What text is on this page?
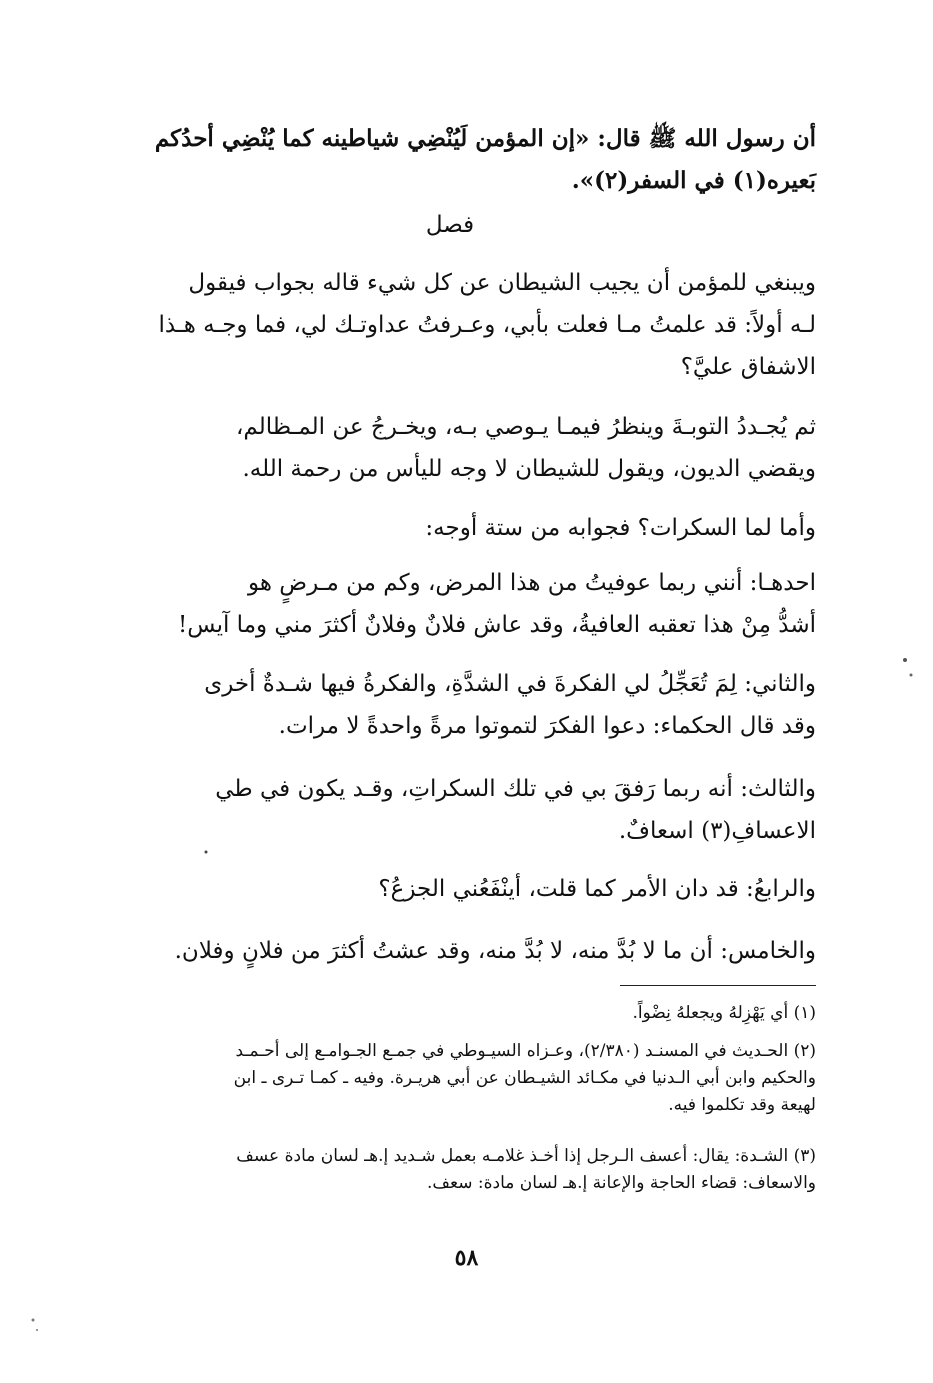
أن رسول الله ﷺ قال: «إن المؤمن لَيُنْضِي شياطينه كما يُنْضِي أحدُكم
بَعيره(١) في السفر(٢)».
فصل
ويبنغي للمؤمن أن يجيب الشيطان عن كل شيء قاله بجواب فيقول
لـه أولاً: قد علمتُ مـا فعلت بأبي، وعـرفتُ عداوتـك لي، فما وجـه هـذا
الاشفاق عليَّ؟
ثم يُجـددُ التوبـةَ وينظرُ فيمـا يـوصي بـه، ويخـرجُ عن المـظالم،
ويقضي الديون، ويقول للشيطان لا وجه لليأس من رحمة الله.
وأما لما السكرات؟ فجوابه من ستة أوجه:
احدهـا: أنني ربما عوفيتُ من هذا المرض، وكم من مـرضٍ هو
أشدُّ مِنْ هذا تعقبه العافيةُ، وقد عاش فلانٌ وفلانٌ أكثرَ مني وما آيس!
والثاني: لِمَ تُعَجِّلُ لي الفكرةَ في الشدَّةِ، والفكرةُ فيها شـدةٌ أخرى
وقد قال الحكماء: دعوا الفكرَ لتموتوا مرةً واحدةً لا مرات.
والثالث: أنه ربما رَفقَ بي في تلك السكراتِ، وقـد يكون في طي
الاعسافِ(٣) اسعافٌ.
والرابعُ: قد دان الأمر كما قلت، أينْفَعُني الجزعُ؟
والخامس: أن ما لا بُدَّ منه، لا بُدَّ منه، وقد عشتُ أكثرَ من فلانٍ وفلان.
(١) أي يَهْزِلهُ ويجعلهُ نِضْواً.
(٢) الحـديث في المسنـد (٢/٣٨٠)، وعـزاه السيـوطي في جمـع الجـوامـع إلى أحـمـد
والحكيم وابن أبي الـدنيا في مكـائد الشيـطان عن أبي هريـرة. وفيه ـ كمـا تـرى ـ ابن
لهيعة وقد تكلموا فيه.
(٣) الشـدة: يقال: أعسف الـرجل إذا أخـذ غلامـه بعمل شـديد إ.هـ لسان مادة عسف
والاسعاف: قضاء الحاجة والإعانة إ.هـ لسان مادة: سعف.
٥٨
